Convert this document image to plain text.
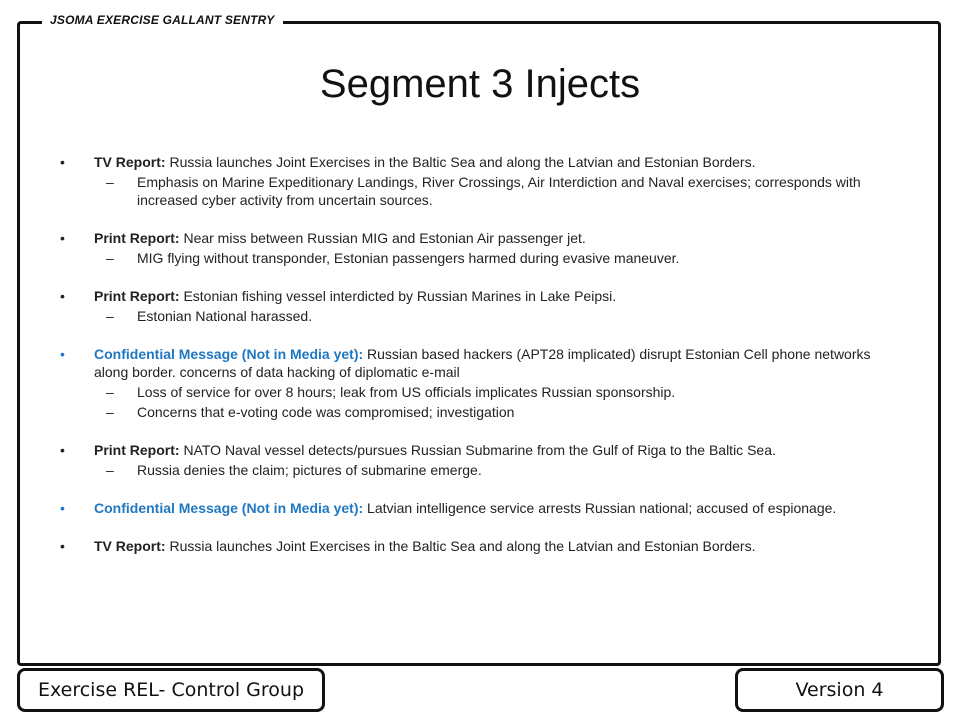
JSOMA EXERCISE GALLANT SENTRY
Segment 3 Injects

• TV Report: Russia launches Joint Exercises in the Baltic Sea and along the Latvian and Estonian Borders.

– Emphasis on Marine Expeditionary Landings, River Crossings, Air Interdiction and Naval exercises; corresponds with increased cyber activity from uncertain sources.

• Print Report: Near miss between Russian MIG and Estonian Air passenger jet.

– MIG flying without transponder, Estonian passengers harmed during evasive maneuver.

• Print Report: Estonian fishing vessel interdicted by Russian Marines in Lake Peipsi.

– Estonian National harassed.

• Confidential Message (Not in Media yet): Russian based hackers (APT28 implicated) disrupt Estonian Cell phone networks along border. concerns of data hacking of diplomatic e-mail

– Loss of service for over 8 hours; leak from US officials implicates Russian sponsorship.

– Concerns that e-voting code was compromised; investigation

• Print Report: NATO Naval vessel detects/pursues Russian Submarine from the Gulf of Riga to the Baltic Sea.

– Russia denies the claim; pictures of submarine emerge.

• Confidential Message (Not in Media yet): Latvian intelligence service arrests Russian national; accused of espionage.

• TV Report: Russia launches Joint Exercises in the Baltic Sea and along the Latvian and Estonian Borders.

Exercise REL- Control Group	Version 4
